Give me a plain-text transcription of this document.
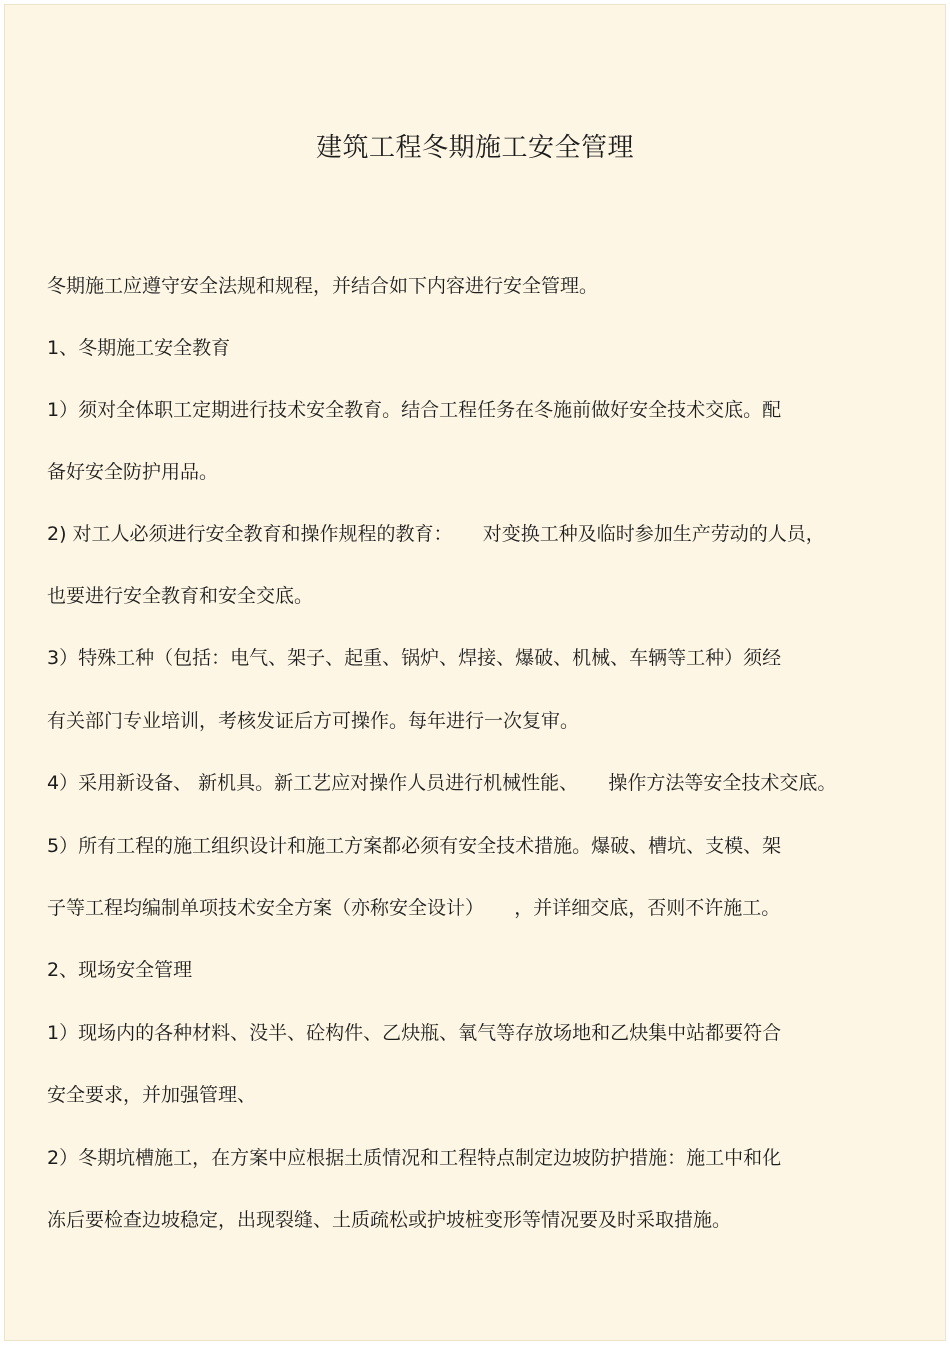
建筑工程冬期施工安全管理
冬期施工应遵守安全法规和规程，并结合如下内容进行安全管理。
1、冬期施工安全教育
1）须对全体职工定期进行技术安全教育。结合工程任务在冬施前做好安全技术交底。配
备好安全防护用品。
2) 对工人必须进行安全教育和操作规程的教育：     对变换工种及临时参加生产劳动的人员，
也要进行安全教育和安全交底。
3）特殊工种（包括：电气、架子、起重、锅炉、焊接、爆破、机械、车辆等工种）须经
有关部门专业培训，考核发证后方可操作。每年进行一次复审。
4）采用新设备、 新机具。新工艺应对操作人员进行机械性能、     操作方法等安全技术交底。
5）所有工程的施工组织设计和施工方案都必须有安全技术措施。爆破、槽坑、支模、架
子等工程均编制单项技术安全方案（亦称安全设计）     ，并详细交底，否则不许施工。
2、现场安全管理
1）现场内的各种材料、没半、砼构件、乙炔瓶、氧气等存放场地和乙炔集中站都要符合
安全要求，并加强管理、
2）冬期坑槽施工，在方案中应根据土质情况和工程特点制定边坡防护措施：施工中和化
冻后要检查边坡稳定，出现裂缝、土质疏松或护坡桩变形等情况要及时采取措施。
